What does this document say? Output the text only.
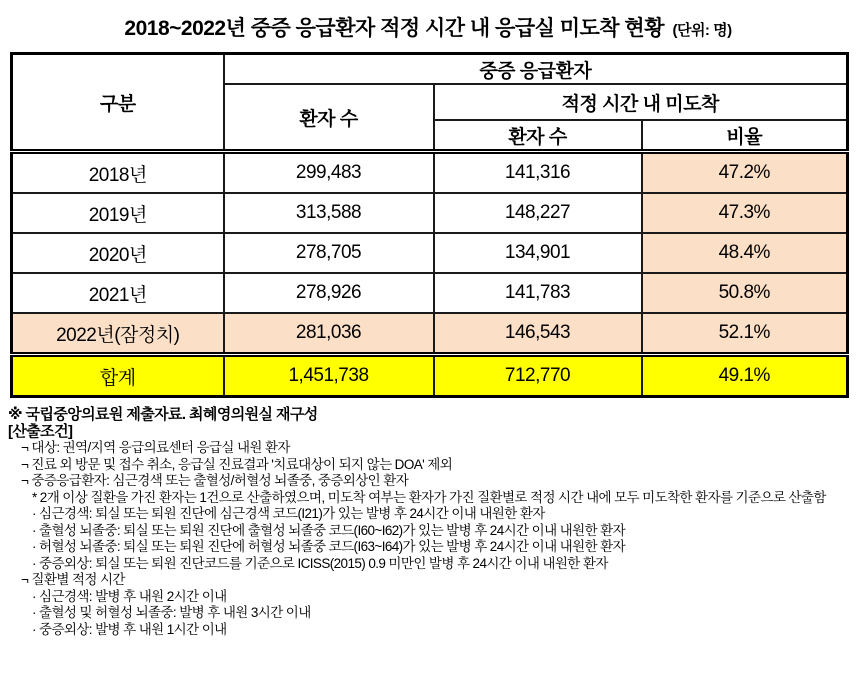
2018~2022년 중증 응급환자 적정 시간 내 응급실 미도착 현황 (단위: 명)
구분	중증 응급환자		
	환자 수	적정 시간 내 미도착	
		환자 수	비율
2018년	299,483	141,316	47.2%
2019년	313,588	148,227	47.3%
2020년	278,705	134,901	48.4%
2021년	278,926	141,783	50.8%
2022년(잠정치)	281,036	146,543	52.1%
합계	1,451,738	712,770	49.1%
※ 국립중앙의료원 제출자료. 최혜영의원실 재구성
[산출조건]
¬ 대상: 권역/지역 응급의료센터 응급실 내원 환자
¬ 진료 외 방문 및 접수 취소, 응급실 진료결과 '치료대상이 되지 않는 DOA' 제외
¬ 중증응급환자: 심근경색 또는 출혈성/허혈성 뇌졸중, 중증외상인 환자
* 2개 이상 질환을 가진 환자는 1건으로 산출하였으며, 미도착 여부는 환자가 가진 질환별로 적정 시간 내에 모두 미도착한 환자를 기준으로 산출함
· 심근경색: 퇴실 또는 퇴원 진단에 심근경색 코드(I21)가 있는 발병 후 24시간 이내 내원한 환자
· 출혈성 뇌졸중: 퇴실 또는 퇴원 진단에 출혈성 뇌졸중 코드(I60~I62)가 있는 발병 후 24시간 이내 내원한 환자
· 허혈성 뇌졸중: 퇴실 또는 퇴원 진단에 허혈성 뇌졸중 코드(I63~I64)가 있는 발병 후 24시간 이내 내원한 환자
· 중증외상: 퇴실 또는 퇴원 진단코드를 기준으로 ICISS(2015) 0.9 미만인 발병 후 24시간 이내 내원한 환자
¬ 질환별 적정 시간
· 심근경색: 발병 후 내원 2시간 이내
· 출혈성 및 허혈성 뇌졸중: 발병 후 내원 3시간 이내
· 중증외상: 발병 후 내원 1시간 이내
